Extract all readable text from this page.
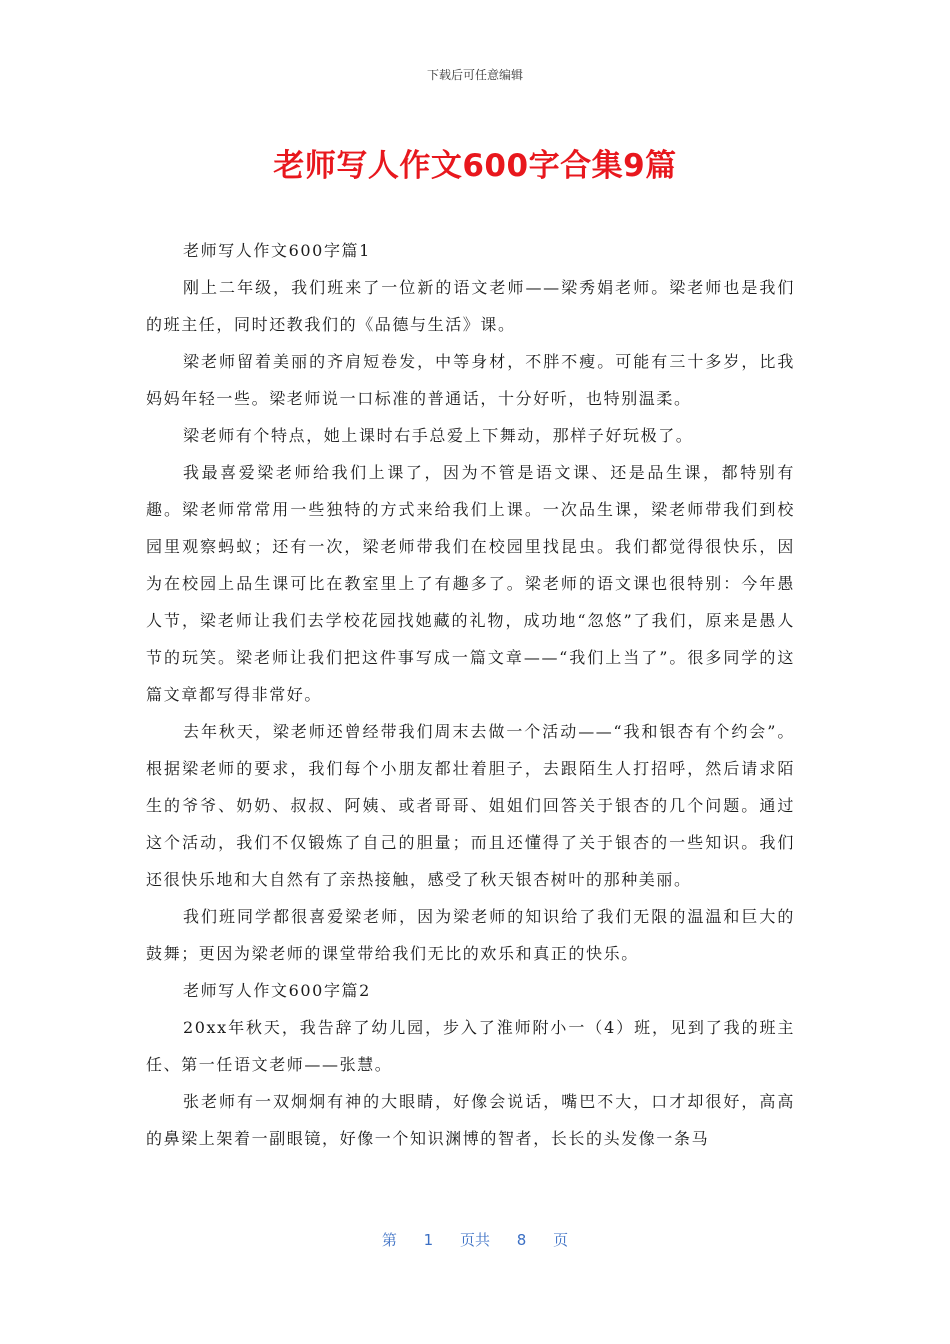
下载后可任意编辑
老师写人作文600字合集9篇

老师写人作文600字篇1

刚上二年级，我们班来了一位新的语文老师——梁秀娟老师。梁老师也是我们的班主任，同时还教我们的《品德与生活》课。

梁老师留着美丽的齐肩短卷发，中等身材，不胖不瘦。可能有三十多岁，比我妈妈年轻一些。梁老师说一口标准的普通话，十分好听，也特别温柔。

梁老师有个特点，她上课时右手总爱上下舞动，那样子好玩极了。

我最喜爱梁老师给我们上课了，因为不管是语文课、还是品生课，都特别有趣。梁老师常常用一些独特的方式来给我们上课。一次品生课，梁老师带我们到校园里观察蚂蚁；还有一次，梁老师带我们在校园里找昆虫。我们都觉得很快乐，因为在校园上品生课可比在教室里上了有趣多了。梁老师的语文课也很特别：今年愚人节，梁老师让我们去学校花园找她藏的礼物，成功地“忽悠”了我们，原来是愚人节的玩笑。梁老师让我们把这件事写成一篇文章——“我们上当了”。很多同学的这篇文章都写得非常好。

去年秋天，梁老师还曾经带我们周末去做一个活动——“我和银杏有个约会”。根据梁老师的要求，我们每个小朋友都壮着胆子，去跟陌生人打招呼，然后请求陌生的爷爷、奶奶、叔叔、阿姨、或者哥哥、姐姐们回答关于银杏的几个问题。通过这个活动，我们不仅锻炼了自己的胆量；而且还懂得了关于银杏的一些知识。我们还很快乐地和大自然有了亲热接触，感受了秋天银杏树叶的那种美丽。

我们班同学都很喜爱梁老师，因为梁老师的知识给了我们无限的温温和巨大的鼓舞；更因为梁老师的课堂带给我们无比的欢乐和真正的快乐。

老师写人作文600字篇2

20xx年秋天，我告辞了幼儿园，步入了淮师附小一（4）班，见到了我的班主任、第一任语文老师——张慧。

张老师有一双炯炯有神的大眼睛，好像会说话，嘴巴不大，口才却很好，高高的鼻梁上架着一副眼镜，好像一个知识渊博的智者，长长的头发像一条马

第 1 页共 8 页
